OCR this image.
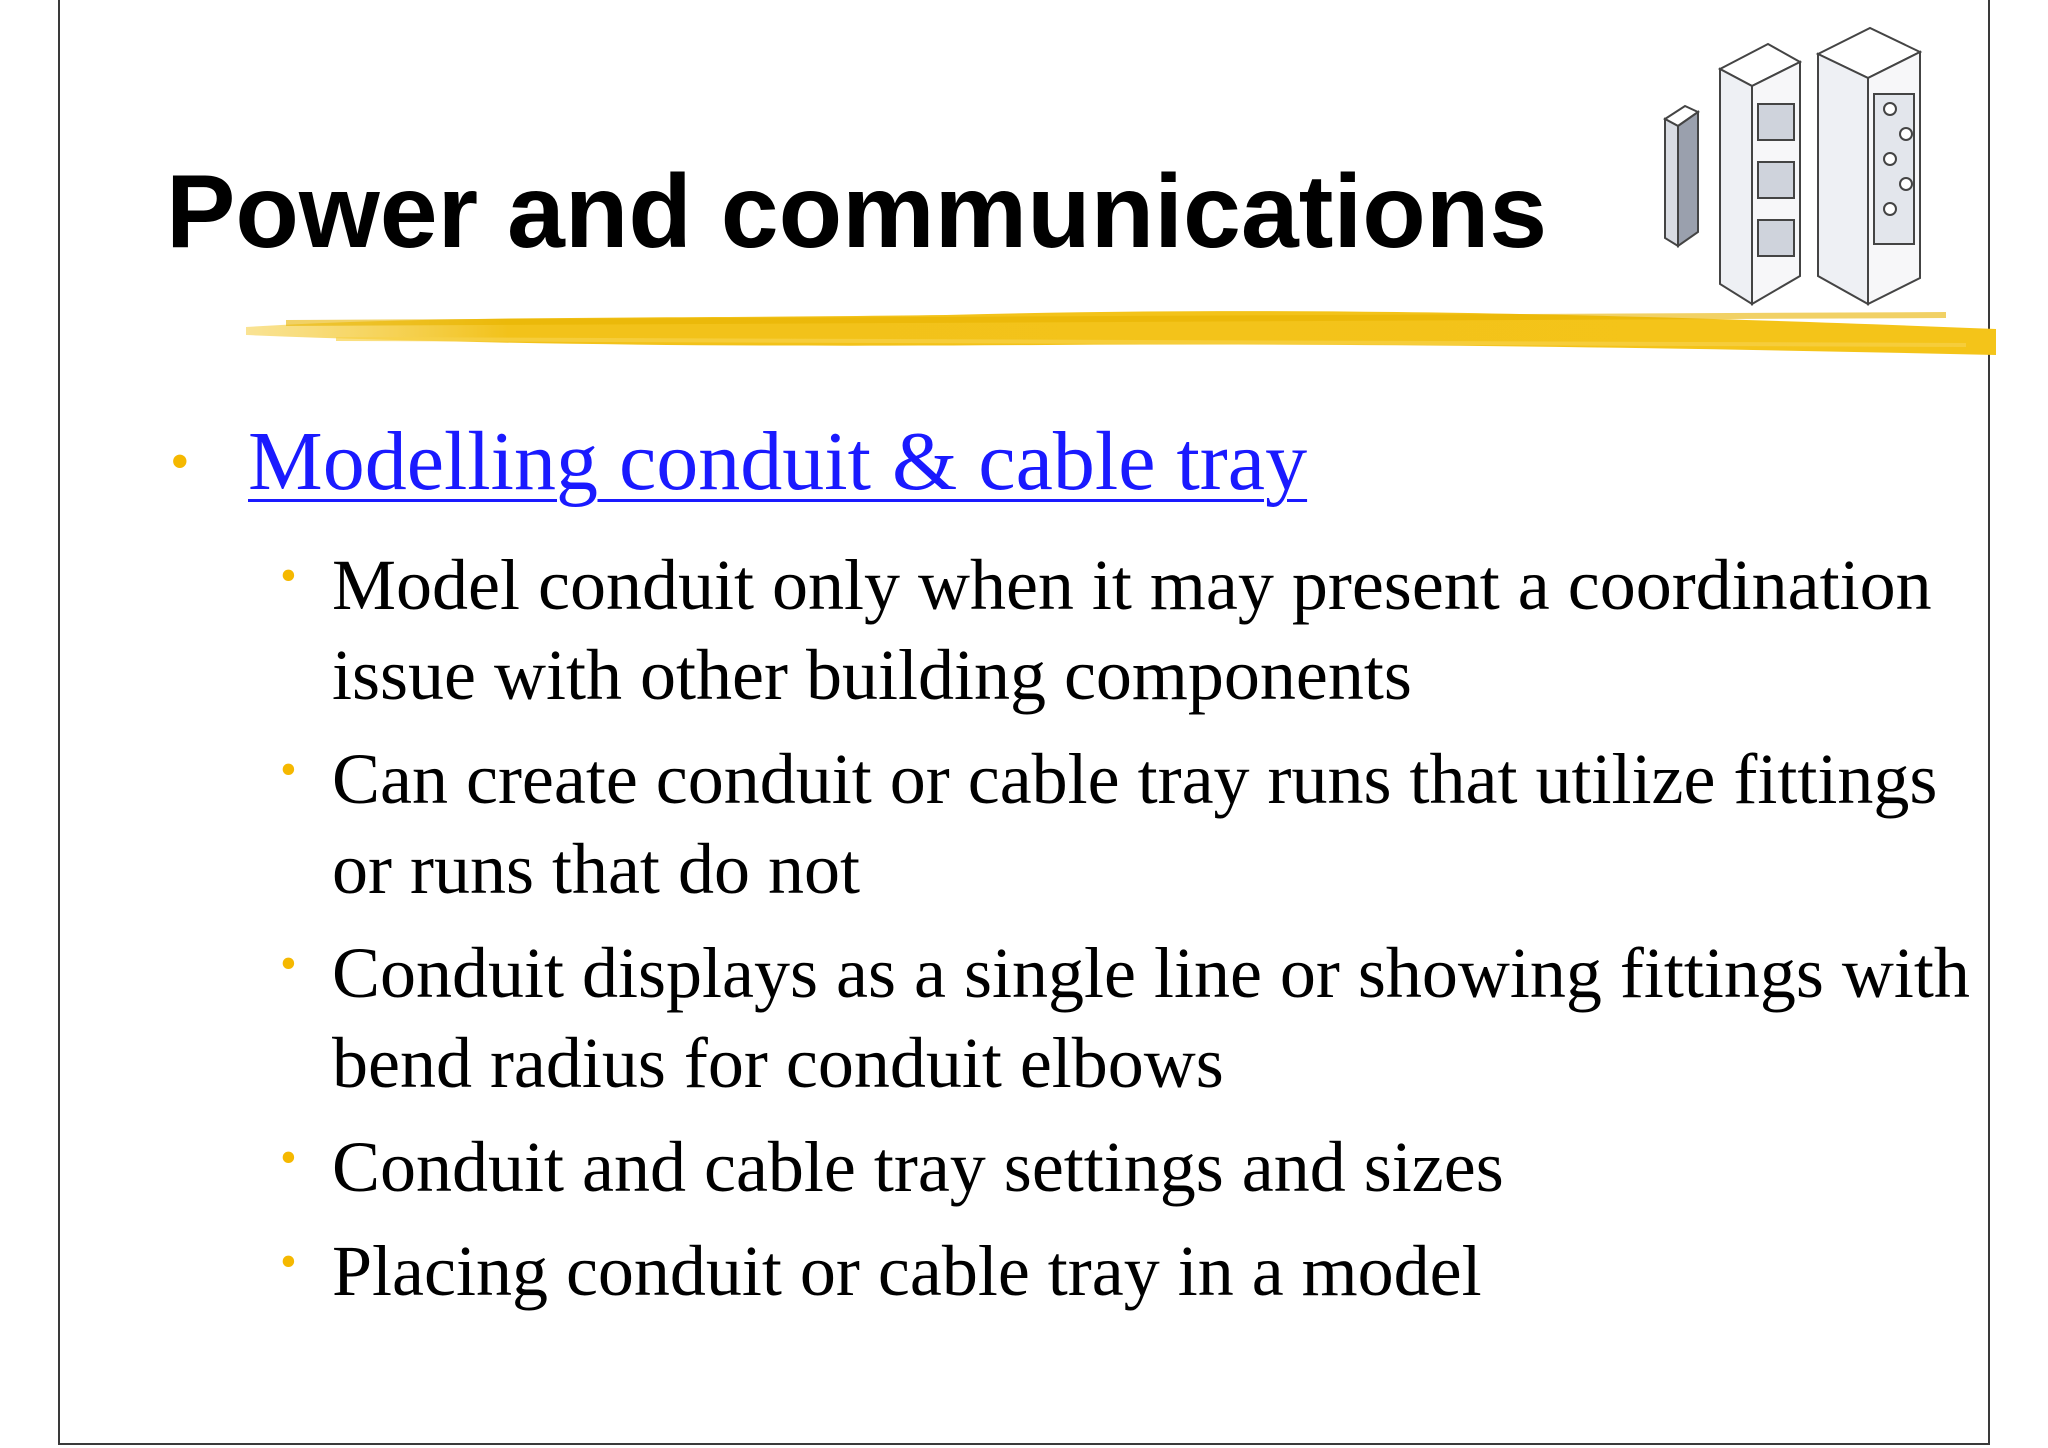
Power and communications
• Modelling conduit & cable tray
• Model conduit only when it may present a coordination issue with other building components
• Can create conduit or cable tray runs that utilize fittings or runs that do not
• Conduit displays as a single line or showing fittings with bend radius for conduit elbows
• Conduit and cable tray settings and sizes
• Placing conduit or cable tray in a model
